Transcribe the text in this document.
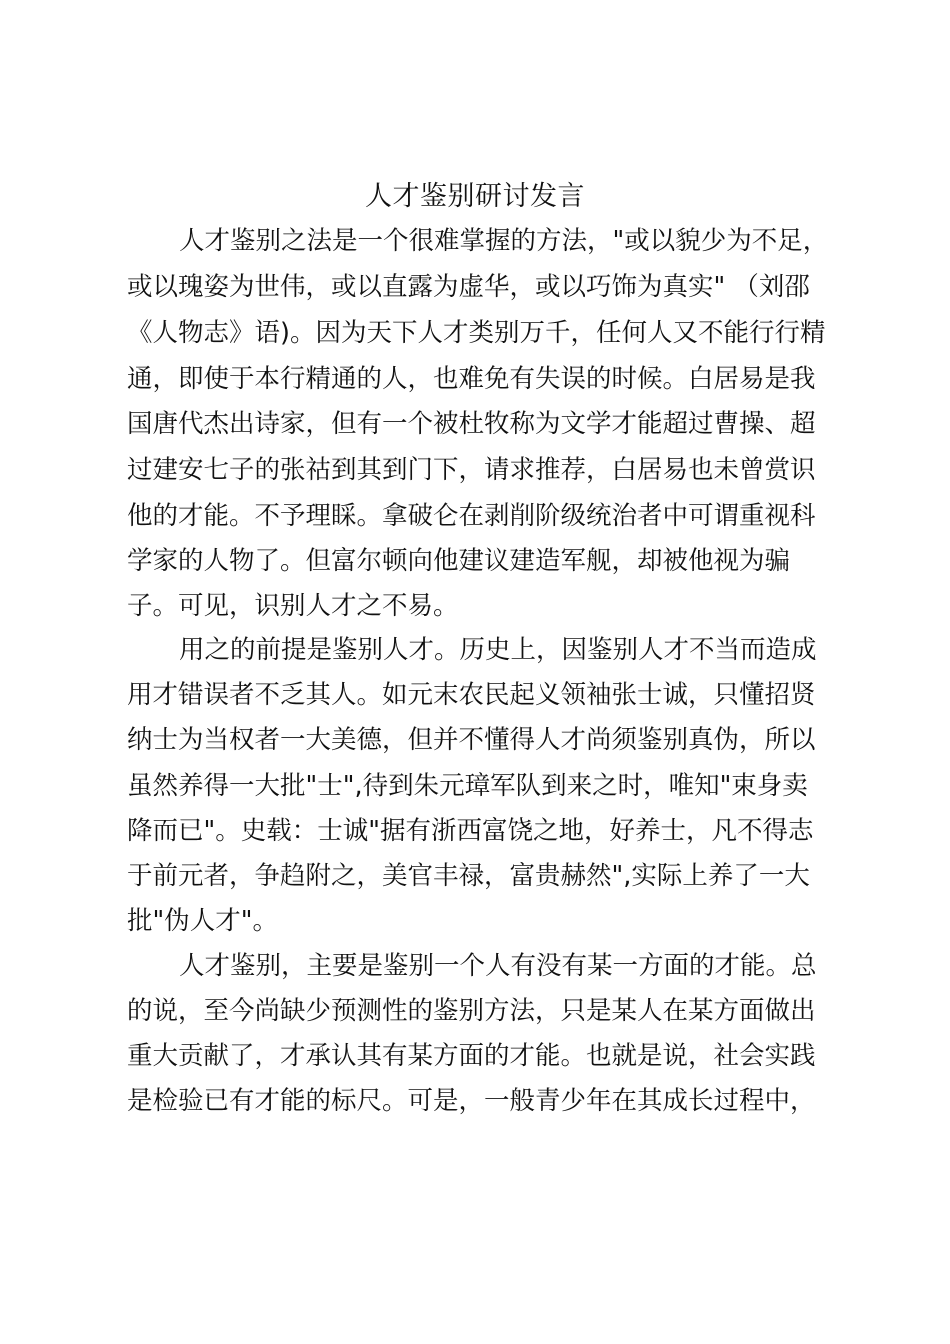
人才鉴别研讨发言
人才鉴别之法是一个很难掌握的方法，"或以貌少为不足，
或以瑰姿为世伟，或以直露为虚华，或以巧饰为真实" （刘邵
《人物志》语)。因为天下人才类别万千，任何人又不能行行精
通，即使于本行精通的人，也难免有失误的时候。白居易是我
国唐代杰出诗家，但有一个被杜牧称为文学才能超过曹操、超
过建安七子的张祜到其到门下，请求推荐，白居易也未曾赏识
他的才能。不予理睬。拿破仑在剥削阶级统治者中可谓重视科
学家的人物了。但富尔顿向他建议建造军舰，却被他视为骗
子。可见，识别人才之不易。
用之的前提是鉴别人才。历史上，因鉴别人才不当而造成
用才错误者不乏其人。如元末农民起义领袖张士诚，只懂招贤
纳士为当权者一大美德，但并不懂得人才尚须鉴别真伪，所以
虽然养得一大批"士",待到朱元璋军队到来之时，唯知"束身卖
降而已"。史载：士诚"据有浙西富饶之地，好养士，凡不得志
于前元者，争趋附之，美官丰禄，富贵赫然",实际上养了一大
批"伪人才"。
人才鉴别，主要是鉴别一个人有没有某一方面的才能。总
的说，至今尚缺少预测性的鉴别方法，只是某人在某方面做出
重大贡献了，才承认其有某方面的才能。也就是说，社会实践
是检验已有才能的标尺。可是，一般青少年在其成长过程中，
